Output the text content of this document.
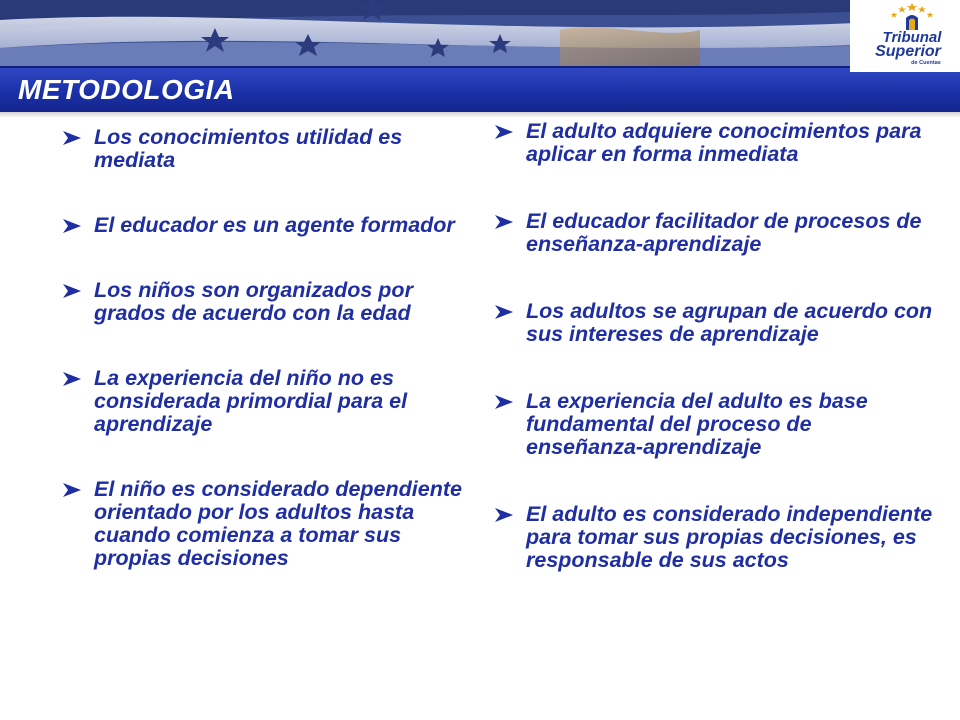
Tribunal
Superior
de Cuentas
METODOLOGIA
Los conocimientos utilidad es mediata
El educador es un agente formador
Los niños son organizados por grados de acuerdo con la edad
La experiencia del niño no es considerada primordial para el aprendizaje
El niño es considerado dependiente orientado por los adultos hasta cuando comienza a tomar sus propias decisiones
El adulto adquiere conocimientos para aplicar en forma inmediata
El educador facilitador de procesos de enseñanza-aprendizaje
Los adultos se agrupan de acuerdo con sus intereses de aprendizaje
La experiencia del adulto es base fundamental del proceso de enseñanza-aprendizaje
El adulto es considerado independiente para tomar sus propias decisiones, es responsable de sus actos
